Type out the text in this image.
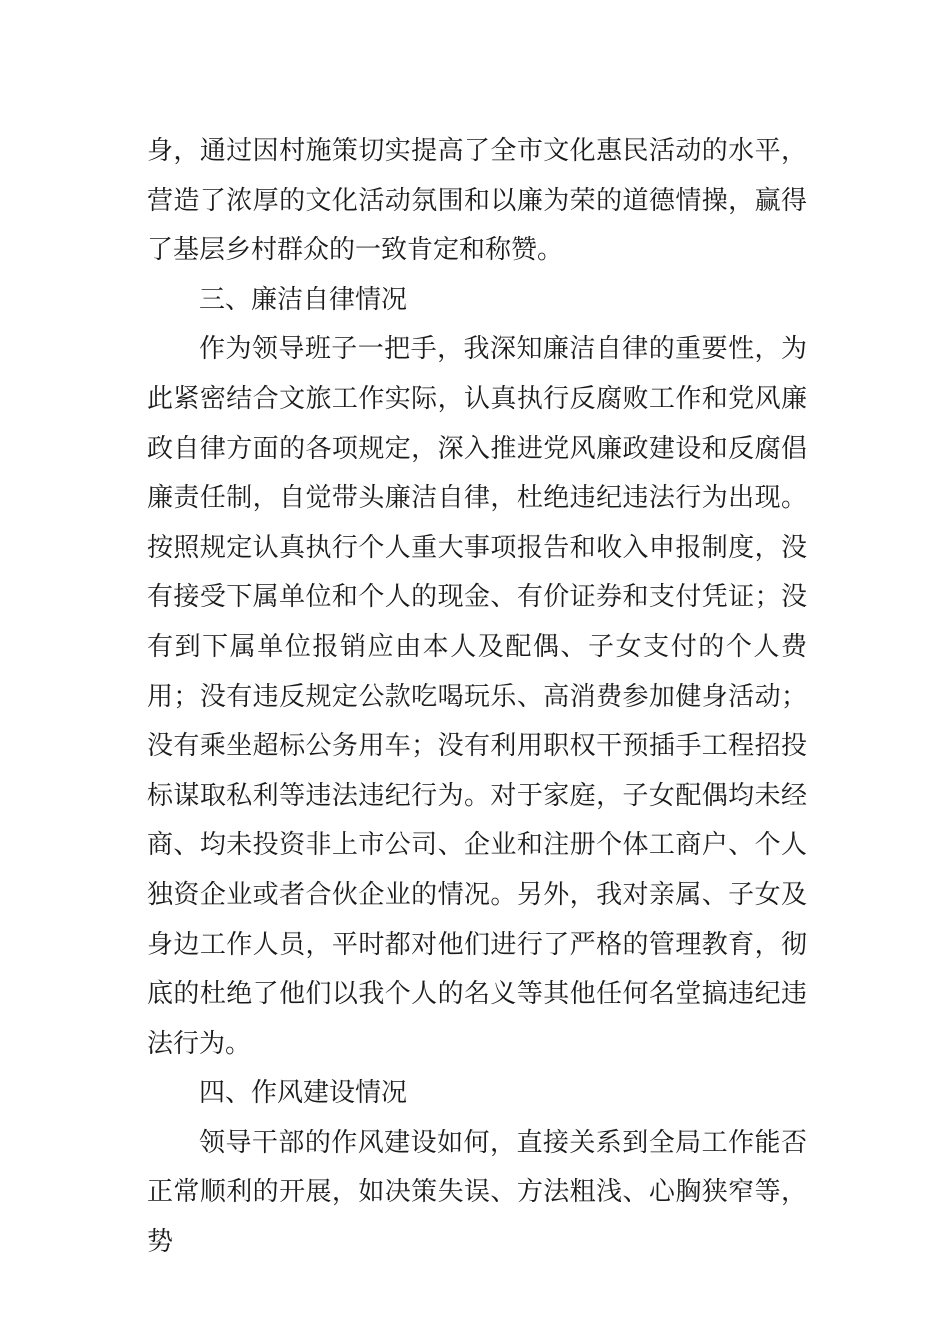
身，通过因村施策切实提高了全市文化惠民活动的水平，营造了浓厚的文化活动氛围和以廉为荣的道德情操，赢得了基层乡村群众的一致肯定和称赞。

三、廉洁自律情况

作为领导班子一把手，我深知廉洁自律的重要性，为此紧密结合文旅工作实际，认真执行反腐败工作和党风廉政自律方面的各项规定，深入推进党风廉政建设和反腐倡廉责任制，自觉带头廉洁自律，杜绝违纪违法行为出现。按照规定认真执行个人重大事项报告和收入申报制度，没有接受下属单位和个人的现金、有价证券和支付凭证；没有到下属单位报销应由本人及配偶、子女支付的个人费用；没有违反规定公款吃喝玩乐、高消费参加健身活动；没有乘坐超标公务用车；没有利用职权干预插手工程招投标谋取私利等违法违纪行为。对于家庭，子女配偶均未经商、均未投资非上市公司、企业和注册个体工商户、个人独资企业或者合伙企业的情况。另外，我对亲属、子女及身边工作人员，平时都对他们进行了严格的管理教育，彻底的杜绝了他们以我个人的名义等其他任何名堂搞违纪违法行为。

四、作风建设情况

领导干部的作风建设如何，直接关系到全局工作能否正常顺利的开展，如决策失误、方法粗浅、心胸狭窄等，势
